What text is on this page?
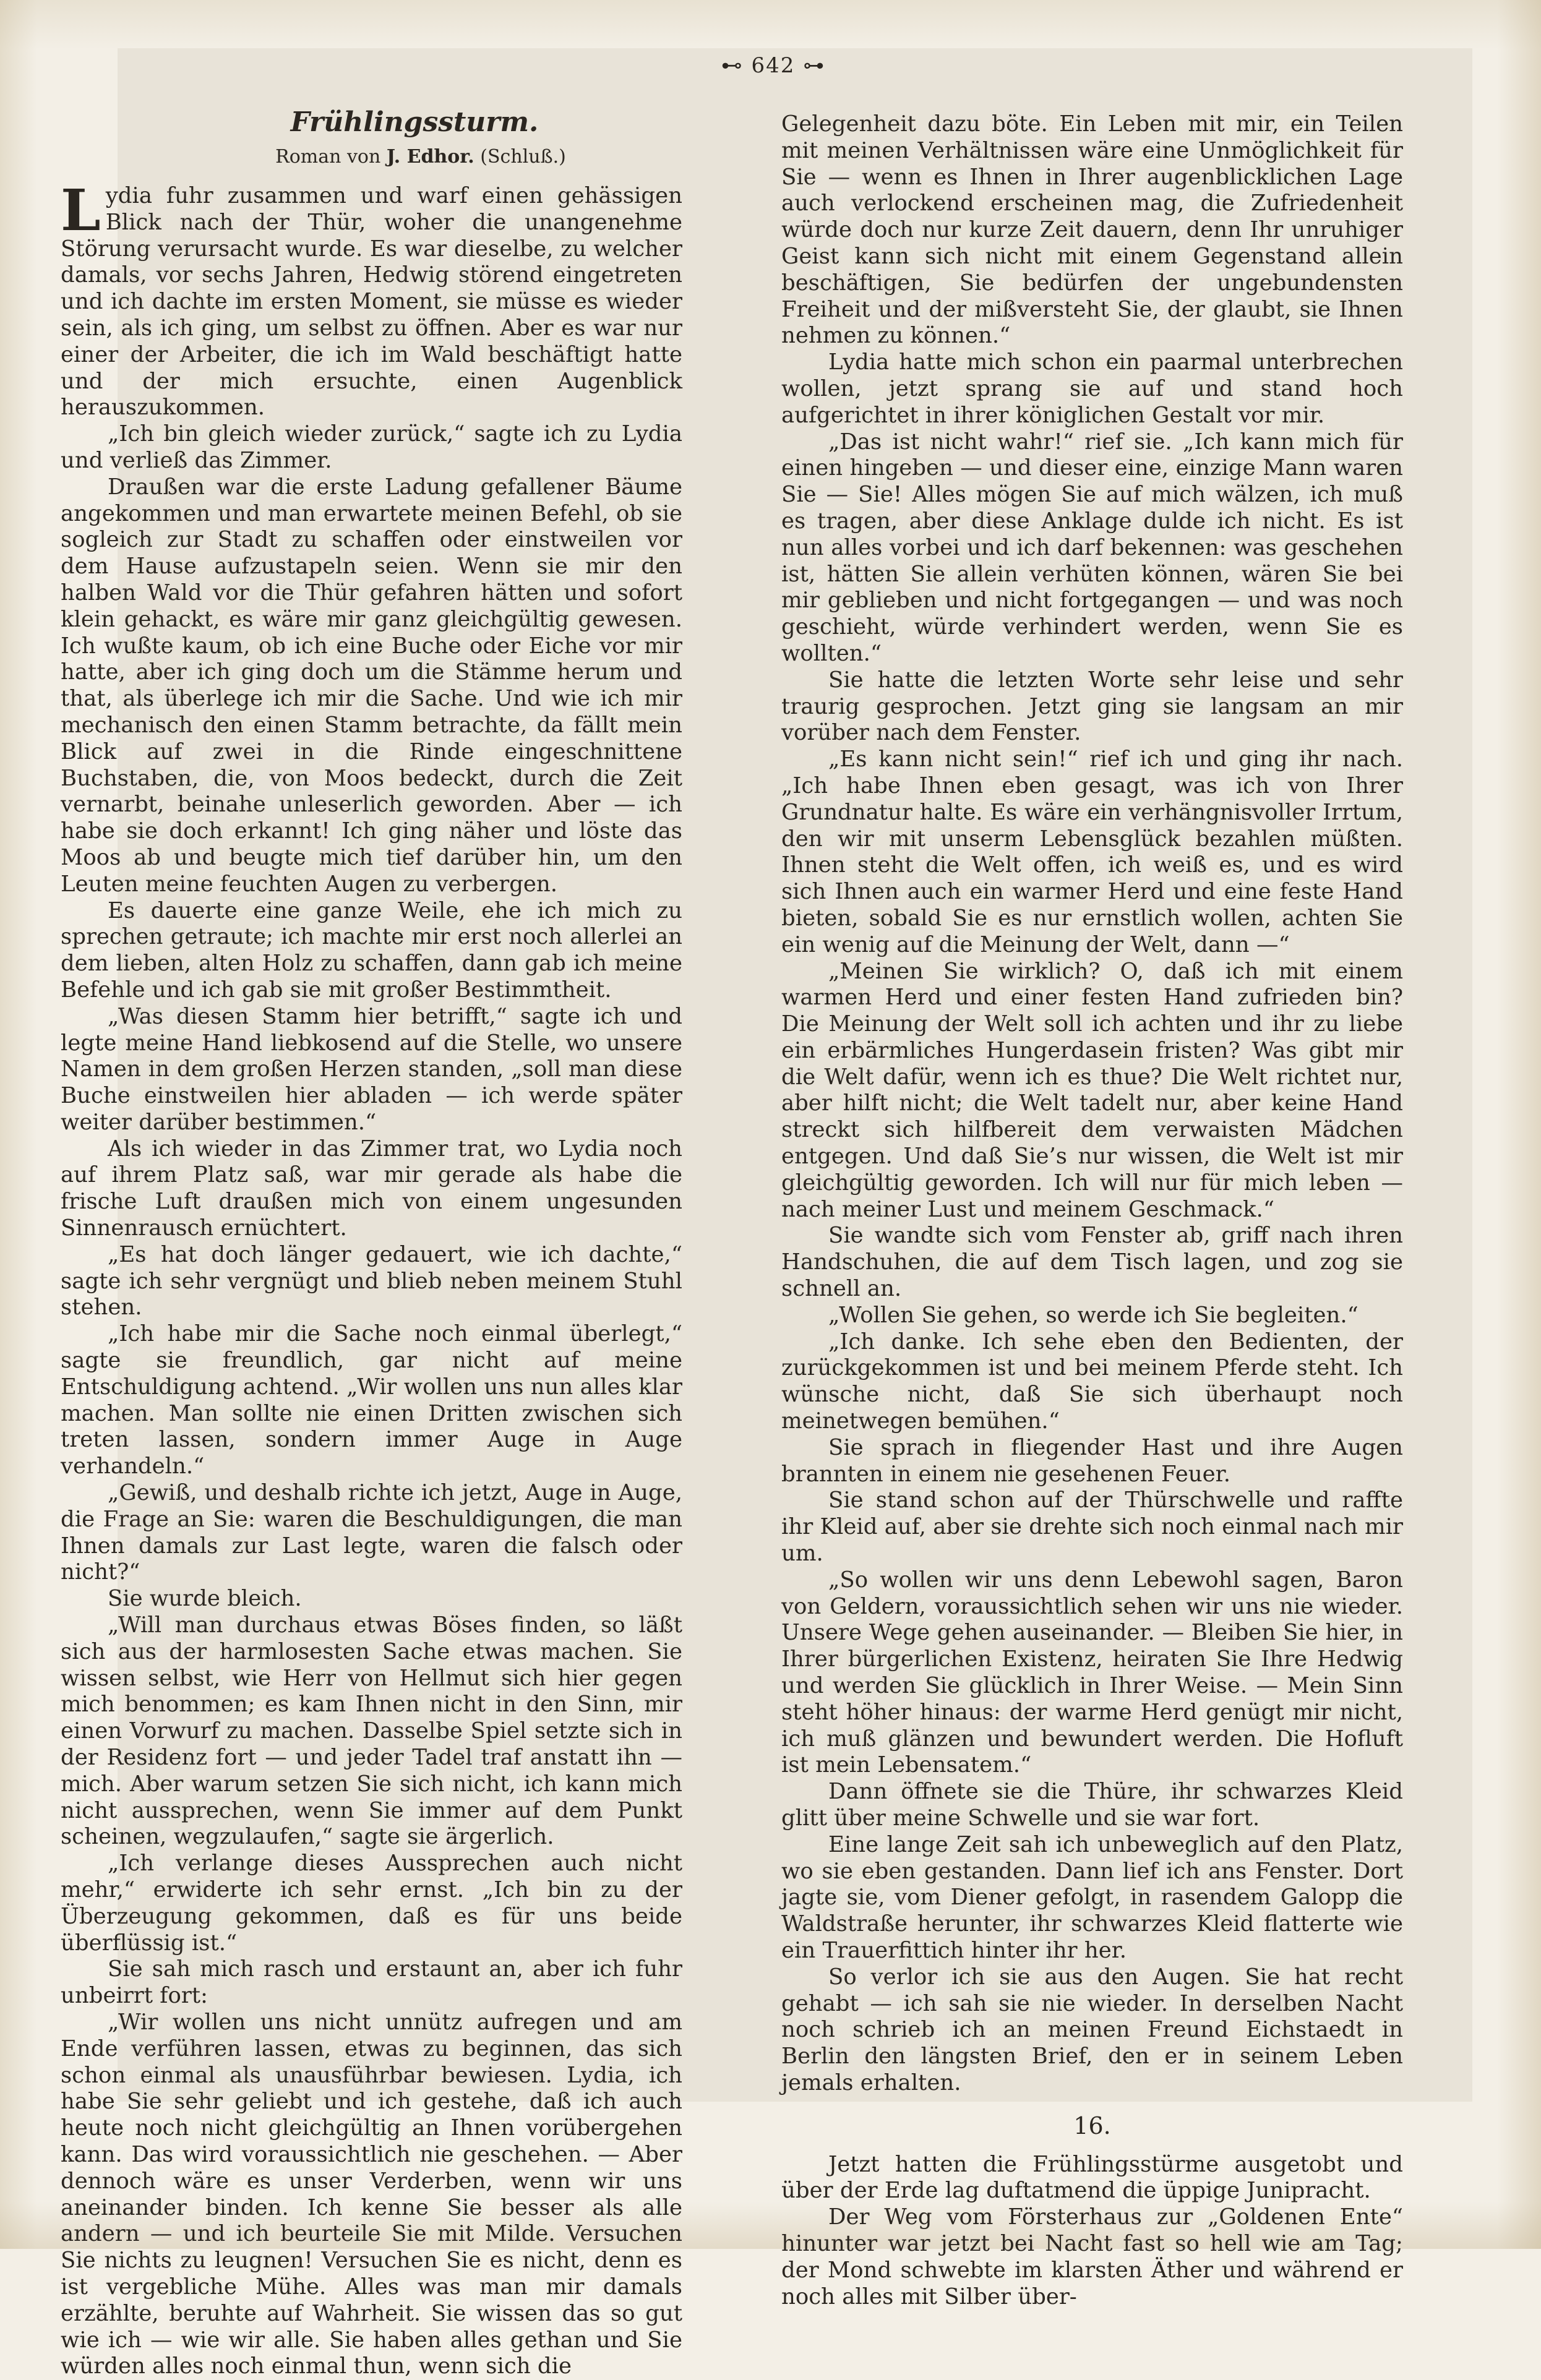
⊷ 642 ⊶
Frühlingssturm.
Roman von J. Edhor. (Schluß.)

Lydia fuhr zusammen und warf einen gehässigen Blick nach der Thür, woher die unangenehme Störung verursacht wurde. Es war dieselbe, zu welcher damals, vor sechs Jahren, Hedwig störend eingetreten und ich dachte im ersten Moment, sie müsse es wieder sein, als ich ging, um selbst zu öffnen. Aber es war nur einer der Arbeiter, die ich im Wald beschäftigt hatte und der mich ersuchte, einen Augenblick herauszukommen.

„Ich bin gleich wieder zurück,“ sagte ich zu Lydia und verließ das Zimmer.

Draußen war die erste Ladung gefallener Bäume angekommen und man erwartete meinen Befehl, ob sie sogleich zur Stadt zu schaffen oder einstweilen vor dem Hause aufzustapeln seien. Wenn sie mir den halben Wald vor die Thür gefahren hätten und sofort klein gehackt, es wäre mir ganz gleichgültig gewesen. Ich wußte kaum, ob ich eine Buche oder Eiche vor mir hatte, aber ich ging doch um die Stämme herum und that, als überlege ich mir die Sache. Und wie ich mir mechanisch den einen Stamm betrachte, da fällt mein Blick auf zwei in die Rinde eingeschnittene Buchstaben, die, von Moos bedeckt, durch die Zeit vernarbt, beinahe unleserlich geworden. Aber — ich habe sie doch erkannt! Ich ging näher und löste das Moos ab und beugte mich tief darüber hin, um den Leuten meine feuchten Augen zu verbergen.

Es dauerte eine ganze Weile, ehe ich mich zu sprechen getraute; ich machte mir erst noch allerlei an dem lieben, alten Holz zu schaffen, dann gab ich meine Befehle und ich gab sie mit großer Bestimmtheit.

„Was diesen Stamm hier betrifft,“ sagte ich und legte meine Hand liebkosend auf die Stelle, wo unsere Namen in dem großen Herzen standen, „soll man diese Buche einstweilen hier abladen — ich werde später weiter darüber bestimmen.“

Als ich wieder in das Zimmer trat, wo Lydia noch auf ihrem Platz saß, war mir gerade als habe die frische Luft draußen mich von einem ungesunden Sinnenrausch ernüchtert.

„Es hat doch länger gedauert, wie ich dachte,“ sagte ich sehr vergnügt und blieb neben meinem Stuhl stehen.

„Ich habe mir die Sache noch einmal überlegt,“ sagte sie freundlich, gar nicht auf meine Entschuldigung achtend. „Wir wollen uns nun alles klar machen. Man sollte nie einen Dritten zwischen sich treten lassen, sondern immer Auge in Auge verhandeln.“

„Gewiß, und deshalb richte ich jetzt, Auge in Auge, die Frage an Sie: waren die Beschuldigungen, die man Ihnen damals zur Last legte, waren die falsch oder nicht?“

Sie wurde bleich.

„Will man durchaus etwas Böses finden, so läßt sich aus der harmlosesten Sache etwas machen. Sie wissen selbst, wie Herr von Hellmut sich hier gegen mich benommen; es kam Ihnen nicht in den Sinn, mir einen Vorwurf zu machen. Dasselbe Spiel setzte sich in der Residenz fort — und jeder Tadel traf anstatt ihn — mich. Aber warum setzen Sie sich nicht, ich kann mich nicht aussprechen, wenn Sie immer auf dem Punkt scheinen, wegzulaufen,“ sagte sie ärgerlich.

„Ich verlange dieses Aussprechen auch nicht mehr,“ erwiderte ich sehr ernst. „Ich bin zu der Überzeugung gekommen, daß es für uns beide überflüssig ist.“

Sie sah mich rasch und erstaunt an, aber ich fuhr unbeirrt fort:

„Wir wollen uns nicht unnütz aufregen und am Ende verführen lassen, etwas zu beginnen, das sich schon einmal als unausführbar bewiesen. Lydia, ich habe Sie sehr geliebt und ich gestehe, daß ich auch heute noch nicht gleichgültig an Ihnen vorübergehen kann. Das wird voraussichtlich nie geschehen. — Aber dennoch wäre es unser Verderben, wenn wir uns aneinander binden. Ich kenne Sie besser als alle andern — und ich beurteile Sie mit Milde. Versuchen Sie nichts zu leugnen! Versuchen Sie es nicht, denn es ist vergebliche Mühe. Alles was man mir damals erzählte, beruhte auf Wahrheit. Sie wissen das so gut wie ich — wie wir alle. Sie haben alles gethan und Sie würden alles noch einmal thun, wenn sich die

Gelegenheit dazu böte. Ein Leben mit mir, ein Teilen mit meinen Verhältnissen wäre eine Unmöglichkeit für Sie — wenn es Ihnen in Ihrer augenblicklichen Lage auch verlockend erscheinen mag, die Zufriedenheit würde doch nur kurze Zeit dauern, denn Ihr unruhiger Geist kann sich nicht mit einem Gegenstand allein beschäftigen, Sie bedürfen der ungebundensten Freiheit und der mißversteht Sie, der glaubt, sie Ihnen nehmen zu können.“

Lydia hatte mich schon ein paarmal unterbrechen wollen, jetzt sprang sie auf und stand hoch aufgerichtet in ihrer königlichen Gestalt vor mir.

„Das ist nicht wahr!“ rief sie. „Ich kann mich für einen hingeben — und dieser eine, einzige Mann waren Sie — Sie! Alles mögen Sie auf mich wälzen, ich muß es tragen, aber diese Anklage dulde ich nicht. Es ist nun alles vorbei und ich darf bekennen: was geschehen ist, hätten Sie allein verhüten können, wären Sie bei mir geblieben und nicht fortgegangen — und was noch geschieht, würde verhindert werden, wenn Sie es wollten.“

Sie hatte die letzten Worte sehr leise und sehr traurig gesprochen. Jetzt ging sie langsam an mir vorüber nach dem Fenster.

„Es kann nicht sein!“ rief ich und ging ihr nach. „Ich habe Ihnen eben gesagt, was ich von Ihrer Grundnatur halte. Es wäre ein verhängnisvoller Irrtum, den wir mit unserm Lebensglück bezahlen müßten. Ihnen steht die Welt offen, ich weiß es, und es wird sich Ihnen auch ein warmer Herd und eine feste Hand bieten, sobald Sie es nur ernstlich wollen, achten Sie ein wenig auf die Meinung der Welt, dann —“

„Meinen Sie wirklich? O, daß ich mit einem warmen Herd und einer festen Hand zufrieden bin? Die Meinung der Welt soll ich achten und ihr zu liebe ein erbärmliches Hungerdasein fristen? Was gibt mir die Welt dafür, wenn ich es thue? Die Welt richtet nur, aber hilft nicht; die Welt tadelt nur, aber keine Hand streckt sich hilfbereit dem verwaisten Mädchen entgegen. Und daß Sie’s nur wissen, die Welt ist mir gleichgültig geworden. Ich will nur für mich leben — nach meiner Lust und meinem Geschmack.“

Sie wandte sich vom Fenster ab, griff nach ihren Handschuhen, die auf dem Tisch lagen, und zog sie schnell an.

„Wollen Sie gehen, so werde ich Sie begleiten.“

„Ich danke. Ich sehe eben den Bedienten, der zurückgekommen ist und bei meinem Pferde steht. Ich wünsche nicht, daß Sie sich überhaupt noch meinetwegen bemühen.“

Sie sprach in fliegender Hast und ihre Augen brannten in einem nie gesehenen Feuer.

Sie stand schon auf der Thürschwelle und raffte ihr Kleid auf, aber sie drehte sich noch einmal nach mir um.

„So wollen wir uns denn Lebewohl sagen, Baron von Geldern, voraussichtlich sehen wir uns nie wieder. Unsere Wege gehen auseinander. — Bleiben Sie hier, in Ihrer bürgerlichen Existenz, heiraten Sie Ihre Hedwig und werden Sie glücklich in Ihrer Weise. — Mein Sinn steht höher hinaus: der warme Herd genügt mir nicht, ich muß glänzen und bewundert werden. Die Hofluft ist mein Lebensatem.“

Dann öffnete sie die Thüre, ihr schwarzes Kleid glitt über meine Schwelle und sie war fort.

Eine lange Zeit sah ich unbeweglich auf den Platz, wo sie eben gestanden. Dann lief ich ans Fenster. Dort jagte sie, vom Diener gefolgt, in rasendem Galopp die Waldstraße herunter, ihr schwarzes Kleid flatterte wie ein Trauerfittich hinter ihr her.

So verlor ich sie aus den Augen. Sie hat recht gehabt — ich sah sie nie wieder. In derselben Nacht noch schrieb ich an meinen Freund Eichstaedt in Berlin den längsten Brief, den er in seinem Leben jemals erhalten.

16.

Jetzt hatten die Frühlingsstürme ausgetobt und über der Erde lag duftatmend die üppige Junipracht.

Der Weg vom Försterhaus zur „Goldenen Ente“ hinunter war jetzt bei Nacht fast so hell wie am Tag; der Mond schwebte im klarsten Äther und während er noch alles mit Silber über-
